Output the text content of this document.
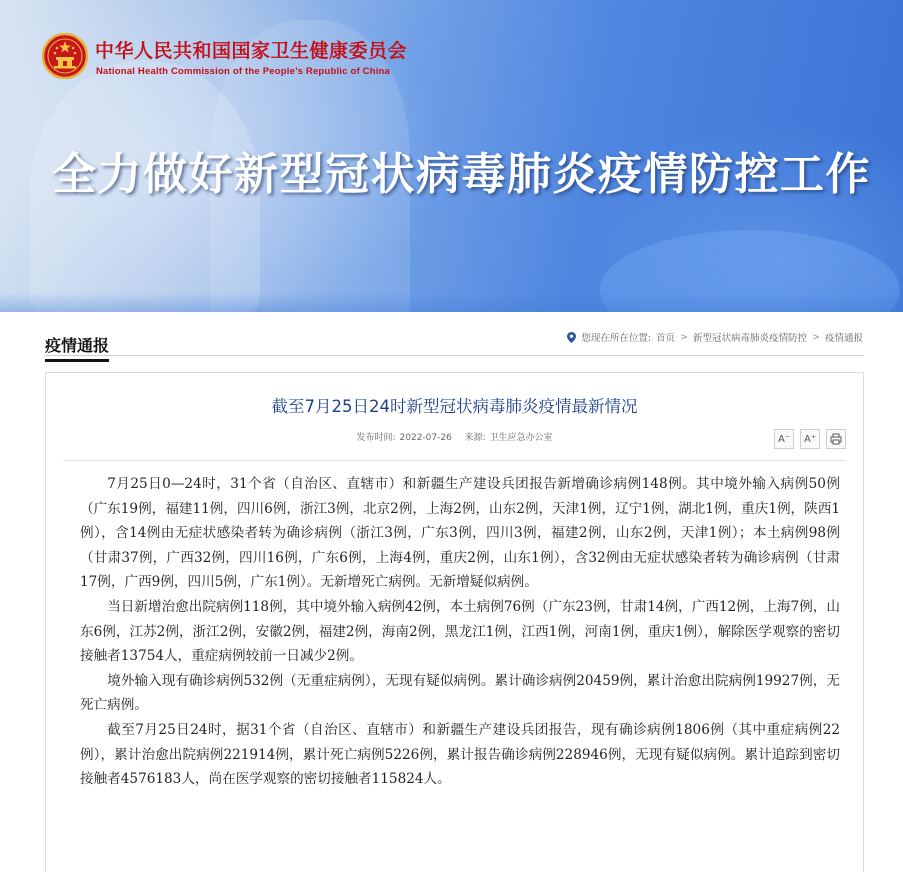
中华人民共和国国家卫生健康委员会
National Health Commission of the People’s Republic of China
全力做好新型冠状病毒肺炎疫情防控工作
疫情通报	您现在所在位置: 首页 > 新型冠状病毒肺炎疫情防控 > 疫情通报
截至7月25日24时新型冠状病毒肺炎疫情最新情况
发布时间: 2022-07-26 来源: 卫生应急办公室	A⁻	A⁺

7月25日0—24时，31个省（自治区、直辖市）和新疆生产建设兵团报告新增确诊病例148例。其中境外输入病例50例（广东19例，福建11例，四川6例，浙江3例，北京2例，上海2例，山东2例，天津1例，辽宁1例，湖北1例，重庆1例，陕西1例），含14例由无症状感染者转为确诊病例（浙江3例，广东3例，四川3例，福建2例，山东2例，天津1例）；本土病例98例（甘肃37例，广西32例，四川16例，广东6例，上海4例，重庆2例，山东1例），含32例由无症状感染者转为确诊病例（甘肃17例，广西9例，四川5例，广东1例）。无新增死亡病例。无新增疑似病例。

当日新增治愈出院病例118例，其中境外输入病例42例，本土病例76例（广东23例，甘肃14例，广西12例，上海7例，山东6例，江苏2例，浙江2例，安徽2例，福建2例，海南2例，黑龙江1例，江西1例，河南1例，重庆1例），解除医学观察的密切接触者13754人，重症病例较前一日减少2例。

境外输入现有确诊病例532例（无重症病例），无现有疑似病例。累计确诊病例20459例，累计治愈出院病例19927例，无死亡病例。

截至7月25日24时，据31个省（自治区、直辖市）和新疆生产建设兵团报告，现有确诊病例1806例（其中重症病例22例），累计治愈出院病例221914例，累计死亡病例5226例，累计报告确诊病例228946例，无现有疑似病例。累计追踪到密切接触者4576183人，尚在医学观察的密切接触者115824人。
